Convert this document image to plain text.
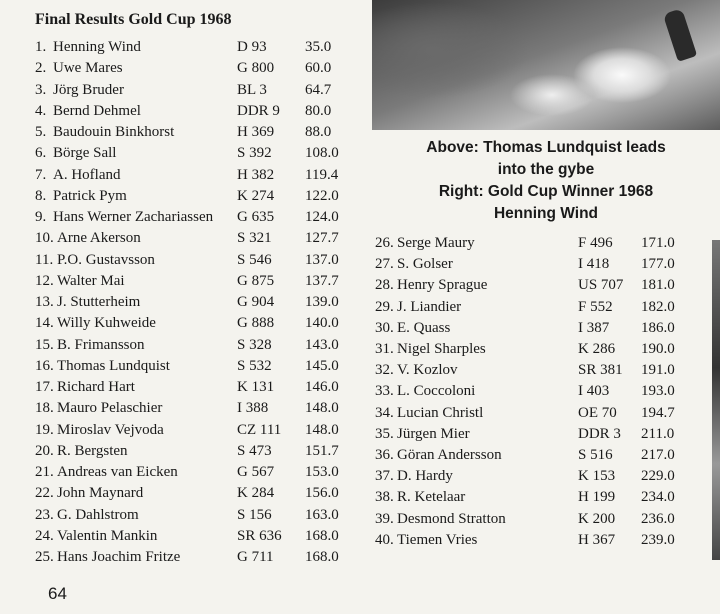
Final Results Gold Cup 1968
Above: Thomas Lundquist leads
into the gybe
Right: Gold Cup Winner 1968
Henning Wind
1. Henning Wind	D 93	35.0
2. Uwe Mares	G 800 60.0
3. Jörg Bruder	BL 3	64.7
4. Bernd Dehmel	DDR 9 80.0
5. Baudouin Binkhorst	H 369 88.0
6. Börge Sall	S 392 108.0
7. A. Hofland	H 382 119.4
8. Patrick Pym	K 274 122.0
9. Hans Werner Zachariassen G 635 124.0
10. Arne Akerson	S 321 127.7
11. P.O. Gustavsson	S 546 137.0
12. Walter Mai	G 875 137.7
13. J. Stutterheim	G 904 139.0
14. Willy Kuhweide	G 888 140.0
15. B. Frimansson	S 328 143.0
16. Thomas Lundquist	S 532 145.0
17. Richard Hart	K 131 146.0
18. Mauro Pelaschier	I 388 148.0
19. Miroslav Vejvoda	CZ 111 148.0
20. R. Bergsten	S 473 151.7
21. Andreas van Eicken	G 567 153.0
22. John Maynard	K 284 156.0
23. G. Dahlstrom	S 156 163.0
24. Valentin Mankin	SR 636 168.0
25. Hans Joachim Fritze	G 711 168.0
26. Serge Maury	F 496 171.0
27. S. Golser	I 418 177.0
28. Henry Sprague	US 707 181.0
29. J. Liandier	F 552 182.0
30. E. Quass	I 387 186.0
31. Nigel Sharples	K 286 190.0
32. V. Kozlov	SR 381 191.0
33. L. Coccoloni	I 403 193.0
34. Lucian Christl	OE 70 194.7
35. Jürgen Mier	DDR 3 211.0
36. Göran Andersson	S 516 217.0
37. D. Hardy	K 153 229.0
38. R. Ketelaar	H 199 234.0
39. Desmond Stratton	K 200 236.0
40. Tiemen Vries	H 367 239.0
64
